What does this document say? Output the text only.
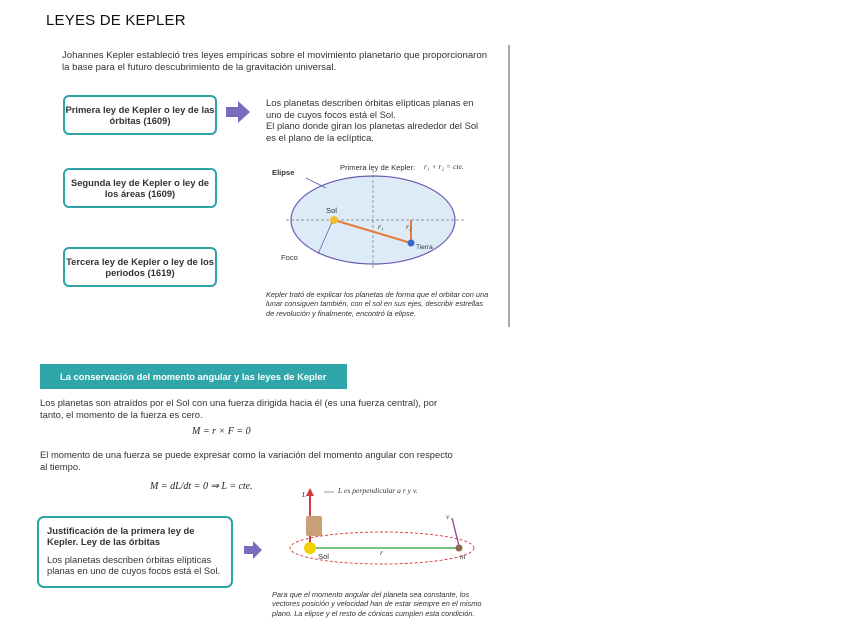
LEYES DE KEPLER
Johannes Kepler estableció tres leyes empíricas sobre el movimiento planetario que proporcionaron la base para el futuro descubrimiento de la gravitación universal.
Primera ley de Kepler o ley de las órbitas (1609)
Segunda ley de Kepler o ley de los áreas (1609)
Tercera ley de Kepler o ley de los periodos (1619)
Los planetas describen órbitas elípticas planas en uno de cuyos focos está el Sol.
El plano donde giran los planetas alrededor del Sol es el plano de la eclíptica.
Primera ley de Kepler: r₁ + r₂ = cte.
Elipse
Sol
Foco
Tierra
r₁	r₂
Kepler trató de explicar los planetas de forma que el orbitar con una lunar consiguen también, con el sol en sus ejes, describir estrellas de revolución y finalmente, encontró la elipse.
La conservación del momento angular y las leyes de Kepler
Los planetas son atraídos por el Sol con una fuerza dirigida hacia él (es una fuerza central), por tanto, el momento de la fuerza es cero.
M = r × F = 0
El momento de una fuerza se puede expresar como la variación del momento angular con respecto al tiempo.
M = dL/dt = 0 ⇒ L = cte.
Justificación de la primera ley de Kepler. Ley de las órbitas
Los planetas describen órbitas elípticas planas en uno de cuyos focos está el Sol.
L	L es perpendicular a r y v.
Sol	r	m
v
Para que el momento angular del planeta sea constante, los vectores posición y velocidad han de estar siempre en el mismo plano. La elipse y el resto de cónicas cumplen esta condición.
